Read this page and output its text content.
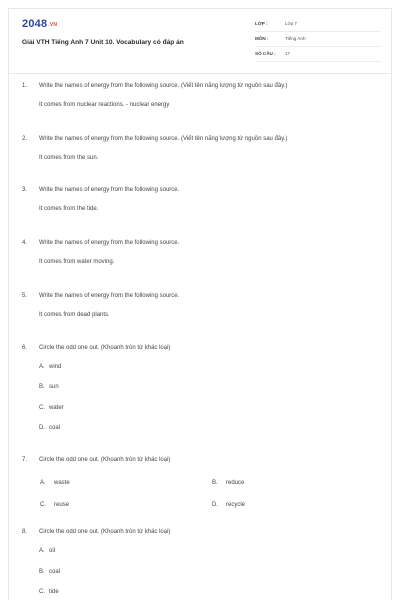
2048.VN
Giải VTH Tiếng Anh 7 Unit 10. Vocabulary có đáp án
LỚP :	Lớp 7
MÔN :	Tiếng Anh
SỐ CÂU : 17
1. Write the names of energy from the following source. (Viết tên năng lượng từ nguồn sau đây.)
It comes from nuclear reactions. - nuclear energy
2. Write the names of energy from the following source. (Viết tên năng lượng từ nguồn sau đây.)
It comes from the sun.
3. Write the names of energy from the following source.
It comes from the tide.
4. Write the names of energy from the following source.
It comes from water moving.
5. Write the names of energy from the following source.
It comes from dead plants.
6. Circle the odd one out. (Khoanh tròn từ khác loại)
A. wind
B. sun
C. water
D. coal
7. Circle the odd one out. (Khoanh tròn từ khác loại)
A. waste	B. reduce
C. reuse	D. recycle
8. Circle the odd one out. (Khoanh tròn từ khác loại)
A. oil
B. coal
C. tide
